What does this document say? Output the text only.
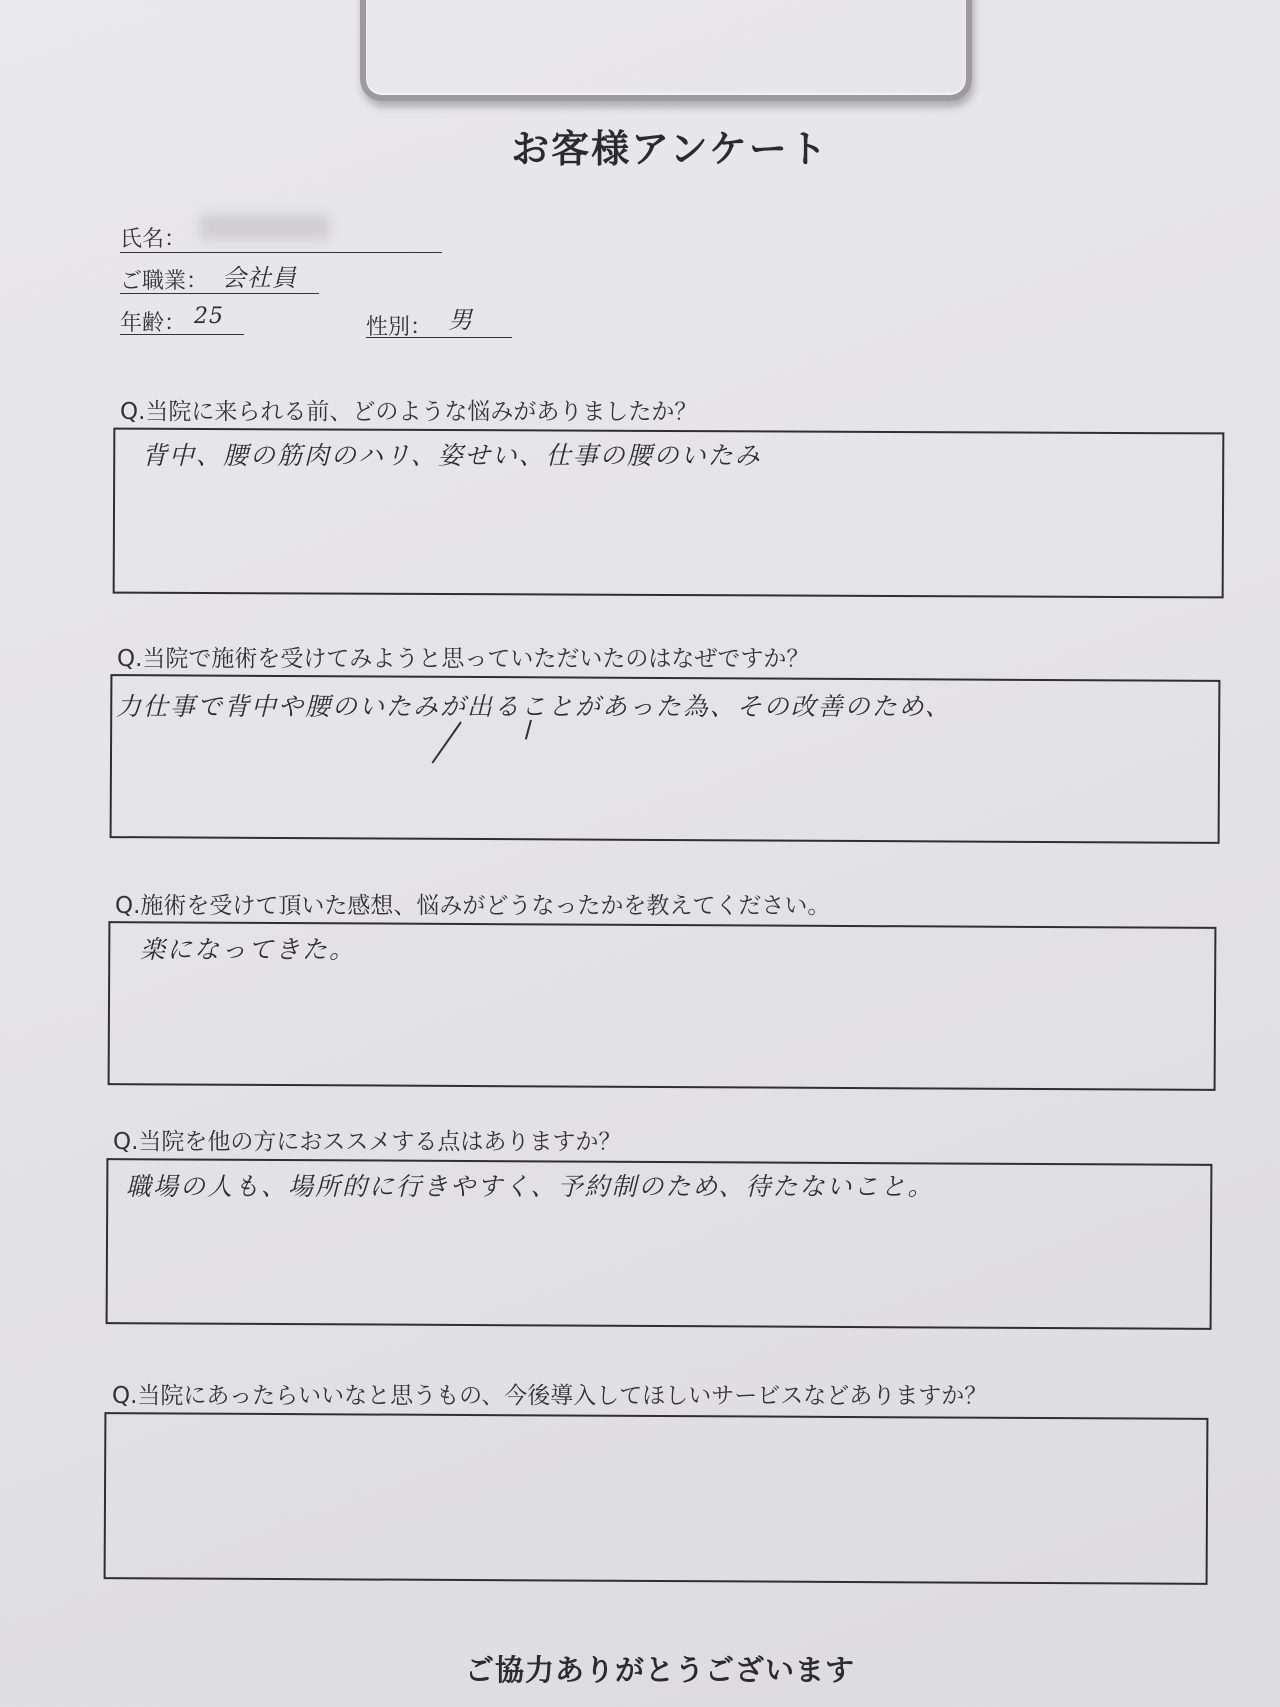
お客様アンケート
氏名：
ご職業： 会社員
年齢： 25	性別： 男
Q.当院に来られる前、どのような悩みがありましたか？
背中、腰の筋肉のハリ、姿せい、仕事の腰のいたみ
Q.当院で施術を受けてみようと思っていただいたのはなぜですか？
力仕事で背中や腰のいたみが出ることがあった為、その改善のため、
Q.施術を受けて頂いた感想、悩みがどうなったかを教えてください。
楽になってきた。
Q.当院を他の方におススメする点はありますか？
職場の人も、場所的に行きやすく、予約制のため、待たないこと。
Q.当院にあったらいいなと思うもの、今後導入してほしいサービスなどありますか？
ご協力ありがとうございます
